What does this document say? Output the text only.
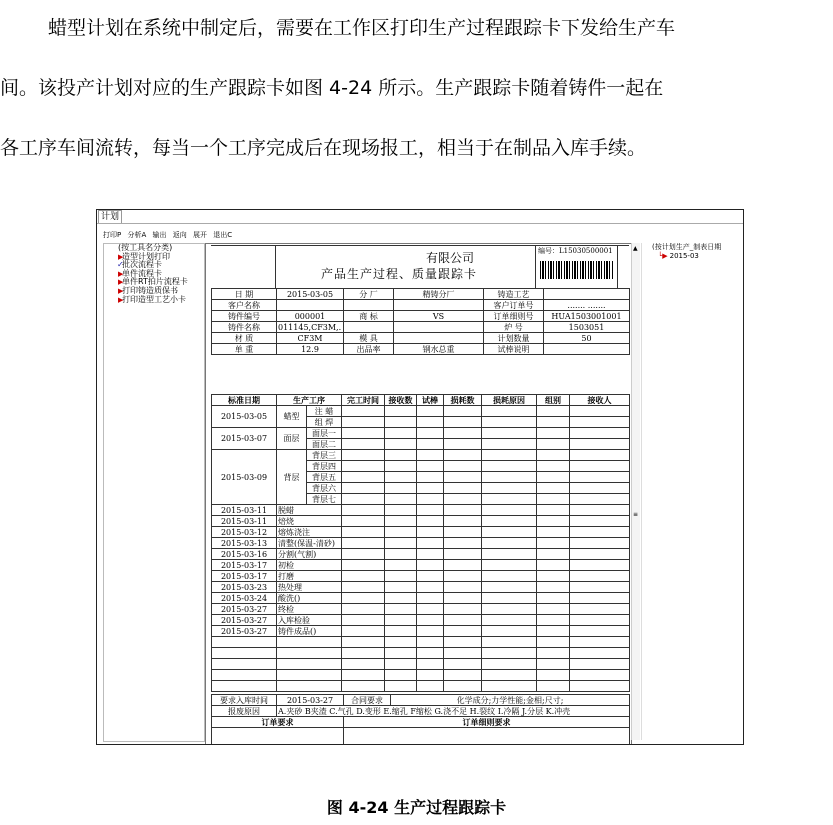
蜡型计划在系统中制定后，需要在工作区打印生产过程跟踪卡下发给生产车
间。该投产计划对应的生产跟踪卡如图 4-24 所示。生产跟踪卡随着铸件一起在
各工序车间流转，每当一个工序完成后在现场报工，相当于在制品入库手续。
计划
打印P 分析A 输出 返向 展开 退出C
(按工具名分类)
▶
造型计划打印
✓
批次流程卡
▶
单件流程卡
▶
单件RT拍片流程卡
▶
打印铸造质保书
▶
打印造型工艺小卡
有限公司
产品生产过程、质量跟踪卡
编号：L15030500001
日 期	2015-03-05	分 厂	精铸分厂	铸造工艺	
客户名称				客户订单号	....... .......
铸件编号	000001	商 标	VS	订单细则号	HUA1503001001
铸件名称	011145,CF3M,.			炉 号	1503051
材 质	CF3M	模 具		计划数量	50
单 重	12.9	出品率	钢水总重	试棒说明	
标准日期	生产工序		完工时间	接收数	试棒	损耗数	损耗原因	组别	接收人
2015-03-05	蜡型	注 蜡							
		组 焊							
2015-03-07	面层	面层一							
		面层二							
2015-03-09	背层	背层三							
		背层四							
		背层五							
		背层六							
		背层七							
2015-03-11	脱蜡								
2015-03-11	焙烧								
2015-03-12	熔炼浇注								
2015-03-13	清整(保温-清砂)								
2015-03-16	分割(气割)								
2015-03-17	初检								
2015-03-17	打磨								
2015-03-23	热处理								
2015-03-24	酸洗()								
2015-03-27	终检								
2015-03-27	入库检验								
2015-03-27	铸件成品()								

要求入库时间	2015-03-27	合同要求	化学成分;力学性能;金相;尺寸;
报废原因	A.夹砂 B夹渣 C.气孔 D.变形 E.缩孔 F缩松 G.浇不足 H.裂纹 I.冷隔 J.分层 K.冲壳		
订单要求		订单细则要求	

▲
≡
(按计划生产_制表日期
└▶ 2015-03
图 4-24 生产过程跟踪卡
